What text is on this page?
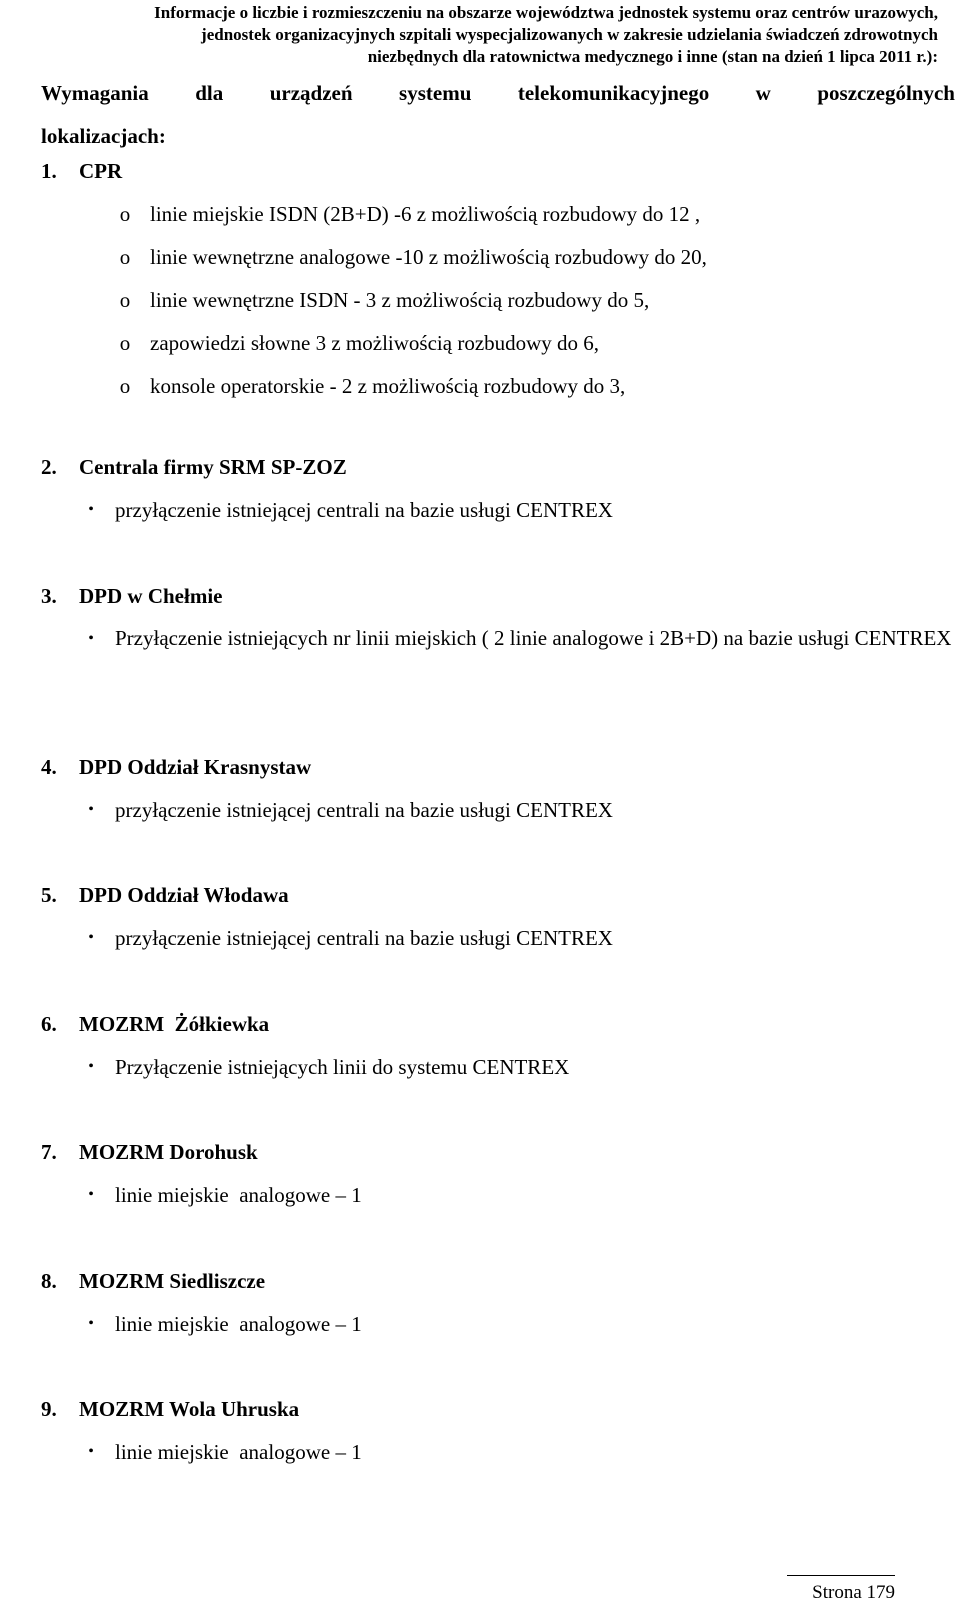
Informacje o liczbie i rozmieszczeniu na obszarze województwa jednostek systemu oraz centrów urazowych,
jednostek organizacyjnych szpitali wyspecjalizowanych w zakresie udzielania świadczeń zdrowotnych
niezbędnych dla ratownictwa medycznego i inne (stan na dzień 1 lipca 2011 r.):
Wymagania dla urządzeń systemu telekomunikacyjnego w poszczególnych
lokalizacjach:
1. CPR
o linie miejskie ISDN (2B+D) -6 z możliwością rozbudowy do 12 ,
o linie wewnętrzne analogowe -10 z możliwością rozbudowy do 20,
o linie wewnętrzne ISDN - 3 z możliwością rozbudowy do 5,
o zapowiedzi słowne 3 z możliwością rozbudowy do 6,
o konsole operatorskie - 2 z możliwością rozbudowy do 3,
2. Centrala firmy SRM SP-ZOZ
•	przyłączenie istniejącej centrali na bazie usługi CENTREX
3. DPD w Chełmie
•	Przyłączenie istniejących nr linii miejskich ( 2 linie analogowe i 2B+D) na bazie usługi CENTREX
4. DPD Oddział Krasnystaw
•	przyłączenie istniejącej centrali na bazie usługi CENTREX
5. DPD Oddział Włodawa
•	przyłączenie istniejącej centrali na bazie usługi CENTREX
6. MOZRM  Żółkiewka
•	Przyłączenie istniejących linii do systemu CENTREX
7. MOZRM Dorohusk
•	linie miejskie  analogowe – 1
8. MOZRM Siedliszcze
•	linie miejskie  analogowe – 1
9. MOZRM Wola Uhruska
•	linie miejskie  analogowe – 1
Strona 179
